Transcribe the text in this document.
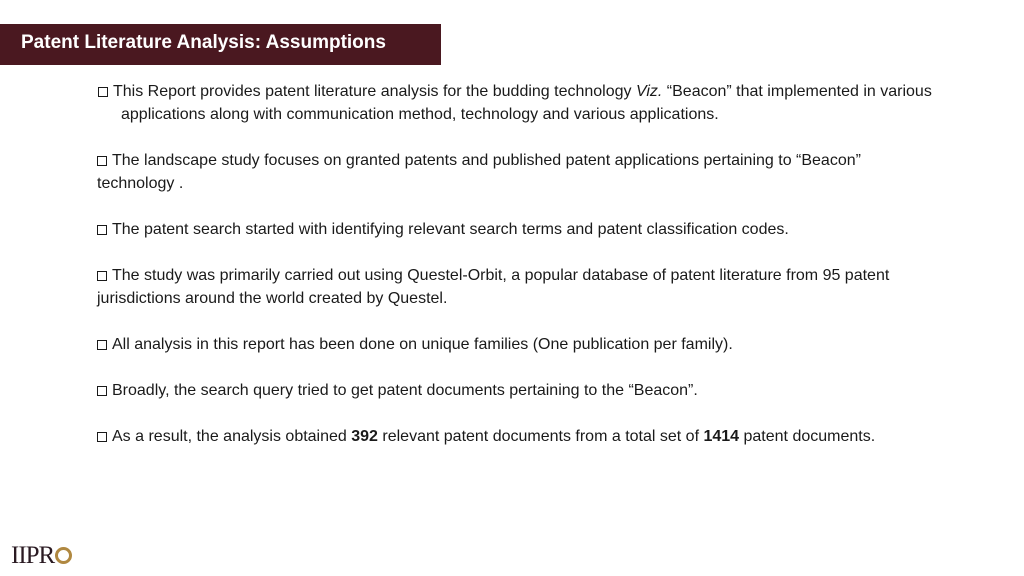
Patent Literature Analysis: Assumptions

This Report provides patent literature analysis for the budding technology Viz. “Beacon” that implemented in various applications along with communication method, technology and various applications.

The landscape study focuses on granted patents and published patent applications pertaining to “Beacon” technology .

The patent search started with identifying relevant search terms and patent classification codes.

The study was primarily carried out using Questel-Orbit, a popular database of patent literature from 95 patent jurisdictions around the world created by Questel.

All analysis in this report has been done on unique families (One publication per family).

Broadly, the search query tried to get patent documents pertaining to the “Beacon”.

As a result, the analysis obtained 392 relevant patent documents from a total set of 1414 patent documents.

IIPR
